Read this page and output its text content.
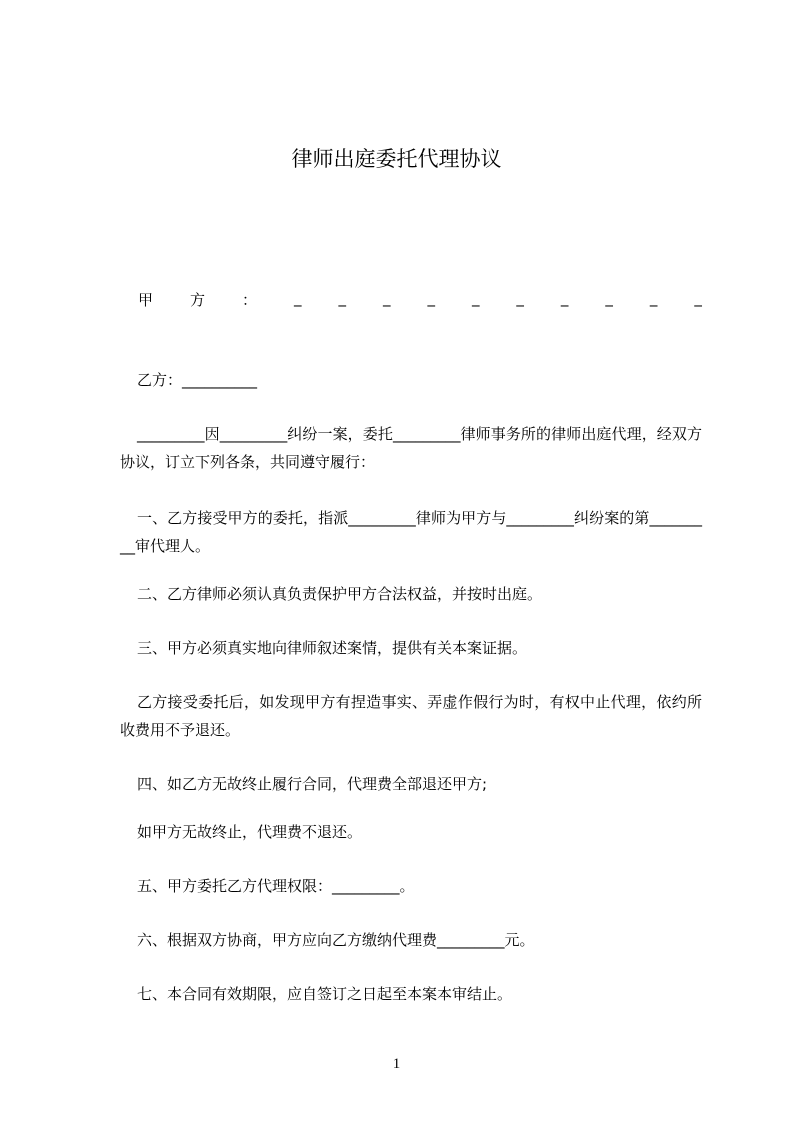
律师出庭委托代理协议
甲 方 ： _ _ _ _ _ _ _ _ _ _
乙方：__________
_________因_________纠纷一案，委托_________律师事务所的律师出庭代理，经双方协议，订立下列各条，共同遵守履行：
一、乙方接受甲方的委托，指派_________律师为甲方与_________纠纷案的第_________审代理人。
二、乙方律师必须认真负责保护甲方合法权益，并按时出庭。
三、甲方必须真实地向律师叙述案情，提供有关本案证据。
乙方接受委托后，如发现甲方有捏造事实、弄虚作假行为时，有权中止代理，依约所收费用不予退还。
四、如乙方无故终止履行合同，代理费全部退还甲方;
如甲方无故终止，代理费不退还。
五、甲方委托乙方代理权限：_________。
六、根据双方协商，甲方应向乙方缴纳代理费_________元。
七、本合同有效期限，应自签订之日起至本案本审结止。
1
